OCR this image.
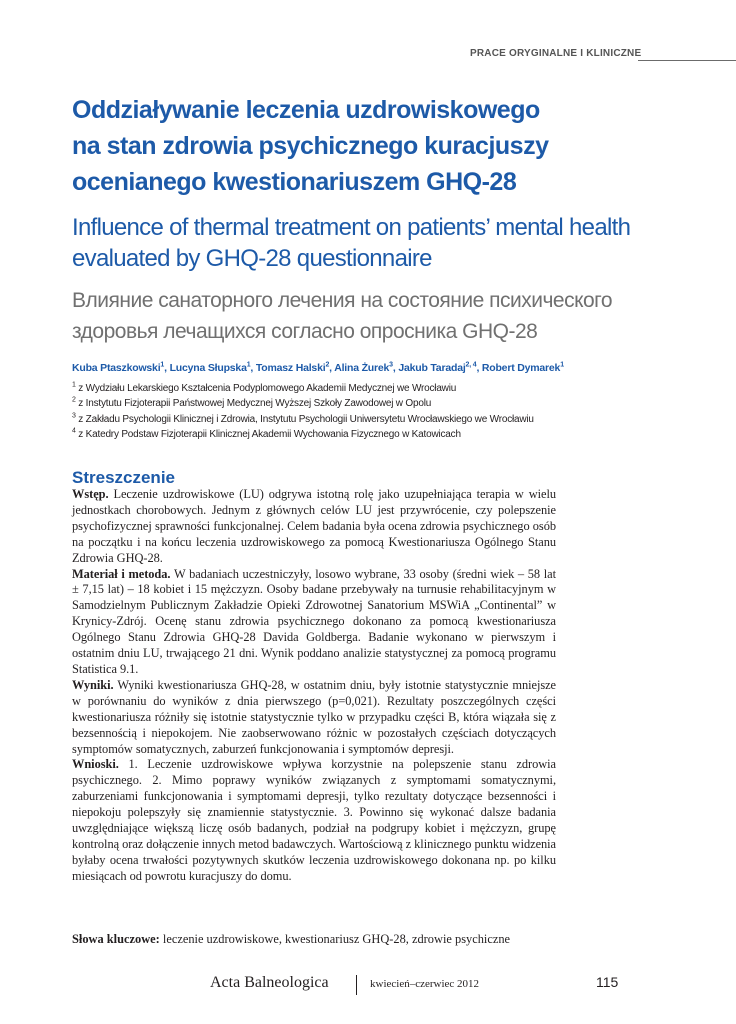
PRACE ORYGINALNE I KLINICZNE
Oddziaływanie leczenia uzdrowiskowego
na stan zdrowia psychicznego kuracjuszy
ocenianego kwestionariuszem GHQ-28
Influence of thermal treatment on patients’ mental health
evaluated by GHQ-28 questionnaire
Влияние санаторного лечения на состояние психического
здоровья лечащихся согласно опросника GHQ-28
Kuba Ptaszkowski$^1$, Lucyna Słupska$^1$, Tomasz Halski$^2$, Alina Żurek$^3$, Jakub Taradaj$^{2, 4}$, Robert Dymarek$^1$
$^1$ z Wydziału Lekarskiego Kształcenia Podyplomowego Akademii Medycznej we Wrocławiu
$^2$ z Instytutu Fizjoterapii Państwowej Medycznej Wyższej Szkoły Zawodowej w Opolu
$^3$ z Zakładu Psychologii Klinicznej i Zdrowia, Instytutu Psychologii Uniwersytetu Wrocławskiego we Wrocławiu
$^4$ z Katedry Podstaw Fizjoterapii Klinicznej Akademii Wychowania Fizycznego w Katowicach
Streszczenie

Wstęp. Leczenie uzdrowiskowe (LU) odgrywa istotną rolę jako uzupełniająca terapia w wielu jednostkach chorobowych. Jednym z głównych celów LU jest przywrócenie, czy polepszenie psychofizycznej sprawności funkcjonalnej. Celem badania była ocena zdrowia psychicznego osób na początku i na końcu leczenia uzdrowiskowego za pomocą Kwestionariusza Ogólnego Stanu Zdrowia GHQ-28.

Materiał i metoda. W badaniach uczestniczyły, losowo wybrane, 33 osoby (średni wiek – 58 lat ± 7,15 lat) – 18 kobiet i 15 mężczyzn. Osoby badane przebywały na turnusie rehabilitacyjnym w Samodzielnym Publicznym Zakładzie Opieki Zdrowotnej Sanatorium MSWiA „Continental” w Krynicy-Zdrój. Ocenę stanu zdrowia psychicznego dokonano za pomocą kwestionariusza Ogólnego Stanu Zdrowia GHQ-28 Davida Goldberga. Badanie wykonano w pierwszym i ostatnim dniu LU, trwającego 21 dni. Wynik poddano analizie statystycznej za pomocą programu Statistica 9.1.

Wyniki. Wyniki kwestionariusza GHQ-28, w ostatnim dniu, były istotnie statystycznie mniejsze w porównaniu do wyników z dnia pierwszego (p=0,021). Rezultaty poszczególnych części kwestionariusza różniły się istotnie statystycznie tylko w przypadku części B, która wiązała się z bezsennością i niepokojem. Nie zaobserwowano różnic w pozostałych częściach dotyczących symptomów somatycznych, zaburzeń funkcjonowania i symptomów depresji.

Wnioski. 1. Leczenie uzdrowiskowe wpływa korzystnie na polepszenie stanu zdrowia psychicznego. 2. Mimo poprawy wyników związanych z symptomami somatycznymi, zaburzeniami funkcjonowania i symptomami depresji, tylko rezultaty dotyczące bezsenności i niepokoju polepszyły się znamiennie statystycznie. 3. Powinno się wykonać dalsze badania uwzględniające większą liczę osób badanych, podział na podgrupy kobiet i mężczyzn, grupę kontrolną oraz dołączenie innych metod badawczych. Wartościową z klinicznego punktu widzenia byłaby ocena trwałości pozytywnych skutków leczenia uzdrowiskowego dokonana np. po kilku miesiącach od powrotu kuracjuszy do domu.

Słowa kluczowe: leczenie uzdrowiskowe, kwestionariusz GHQ-28, zdrowie psychiczne
Acta Balneologica	kwiecień–czerwiec 2012	115
